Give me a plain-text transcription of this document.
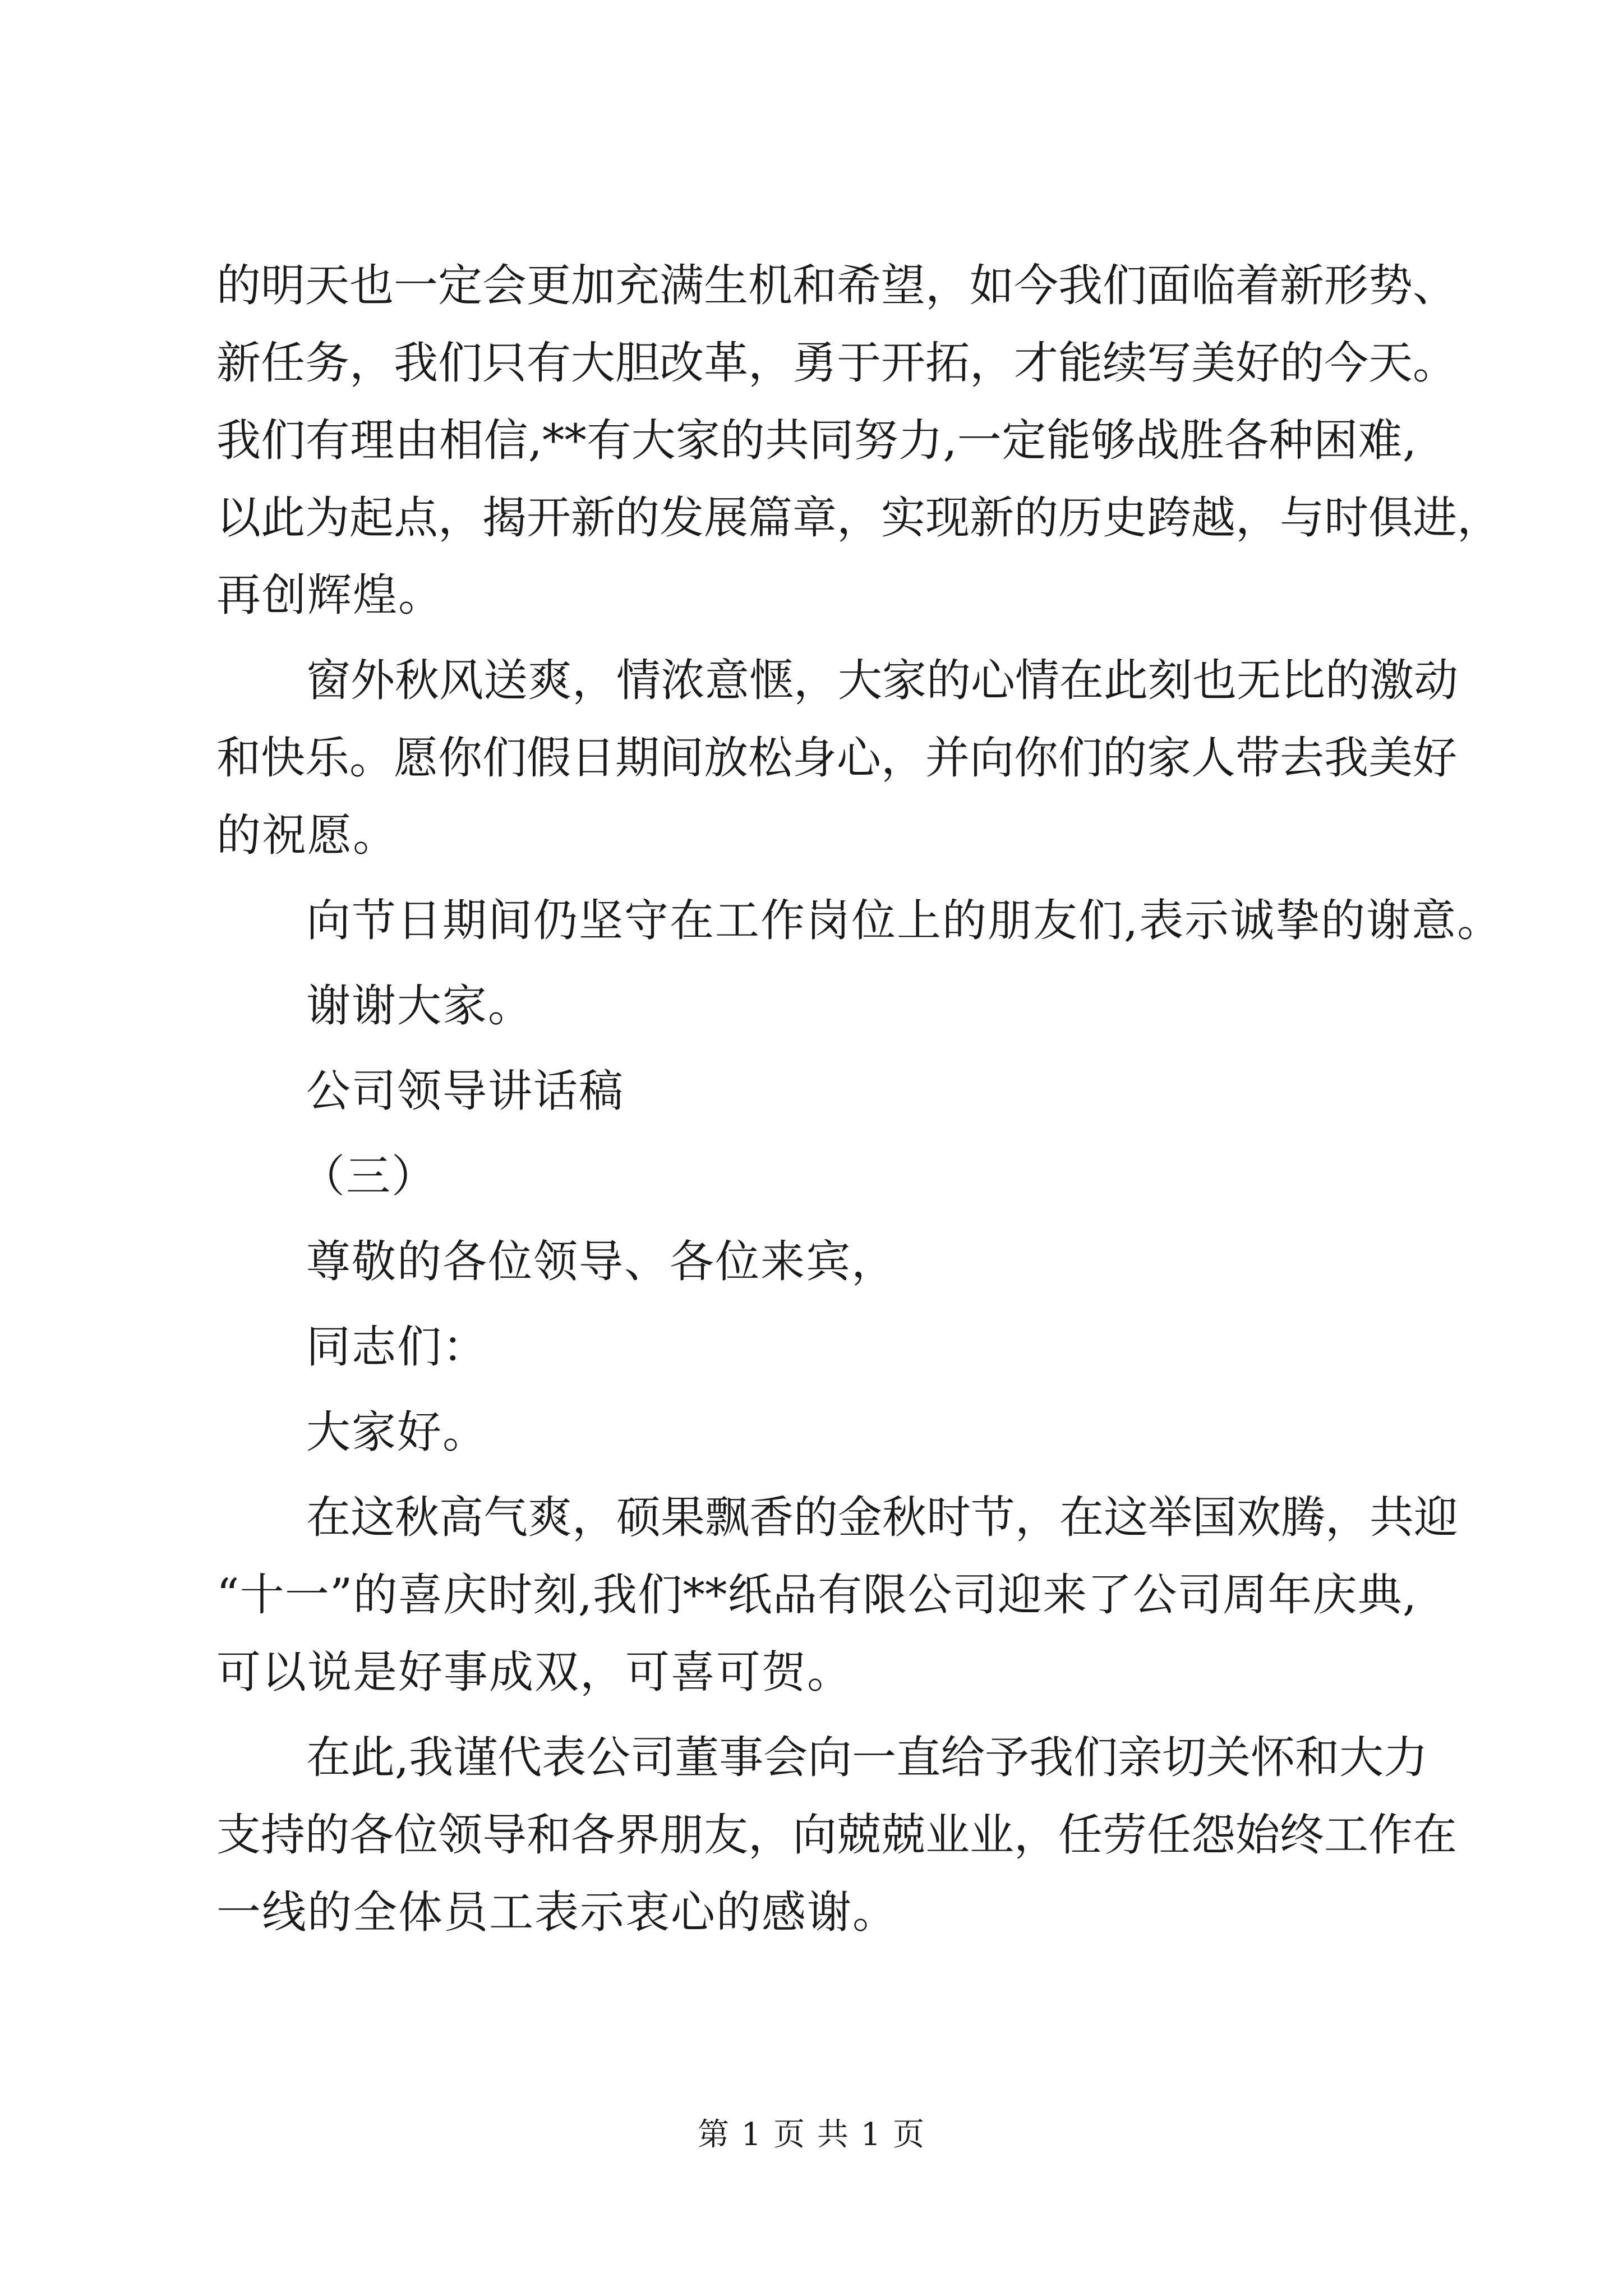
的明天也一定会更加充满生机和希望，如今我们面临着新形势、
新任务，我们只有大胆改革，勇于开拓，才能续写美好的今天。
我们有理由相信,**有大家的共同努力,一定能够战胜各种困难,
以此为起点，揭开新的发展篇章，实现新的历史跨越，与时俱进，
再创辉煌。
窗外秋风送爽，情浓意惬，大家的心情在此刻也无比的激动
和快乐。愿你们假日期间放松身心，并向你们的家人带去我美好
的祝愿。
向节日期间仍坚守在工作岗位上的朋友们,表示诚挚的谢意。
谢谢大家。
公司领导讲话稿
（三）
尊敬的各位领导、各位来宾，
同志们：
大家好。
在这秋高气爽，硕果飘香的金秋时节，在这举国欢腾，共迎
“十一”的喜庆时刻,我们**纸品有限公司迎来了公司周年庆典,
可以说是好事成双，可喜可贺。
在此,我谨代表公司董事会向一直给予我们亲切关怀和大力
支持的各位领导和各界朋友，向兢兢业业，任劳任怨始终工作在
一线的全体员工表示衷心的感谢。
第 1 页 共 1 页
